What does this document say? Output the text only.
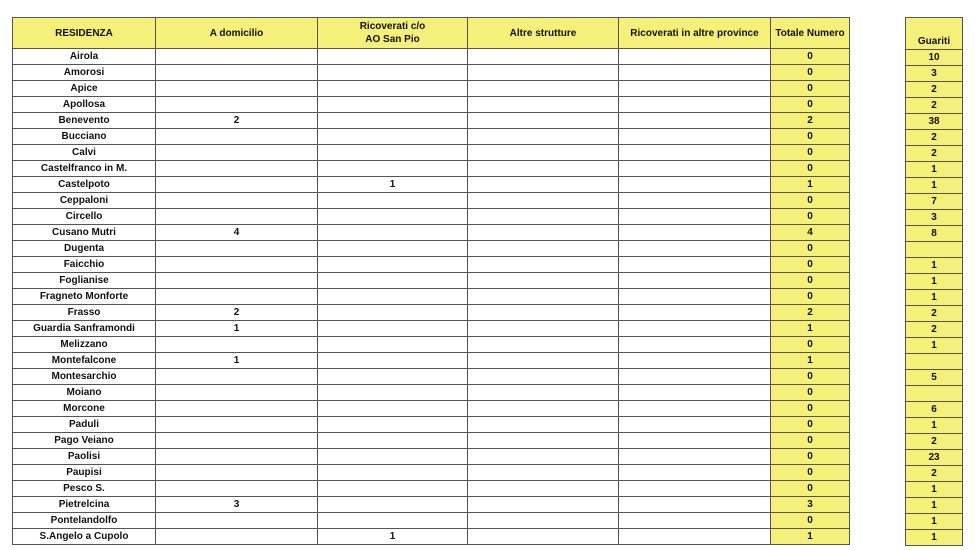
RESIDENZA	A domicilio	Ricoverati c/o
AO San Pio	Altre strutture	Ricoverati in altre province	Totale Numero
Airola					0
Amorosi					0
Apice					0
Apollosa					0
Benevento	2				2
Bucciano					0
Calvi					0
Castelfranco in M.					0
Castelpoto		1			1
Ceppaloni					0
Circello					0
Cusano Mutri	4				4
Dugenta					0
Faicchio					0
Foglianise					0
Fragneto Monforte					0
Frasso	2				2
Guardia Sanframondi	1				1
Melizzano					0
Montefalcone	1				1
Montesarchio					0
Moiano					0
Morcone					0
Paduli					0
Pago Veiano					0
Paolisi					0
Paupisi					0
Pesco S.					0
Pietrelcina	3				3
Pontelandolfo					0
S.Angelo a Cupolo		1			1
Guariti
10
3
2
2
38
2
2
1
1
7
3
8

1
1
1
2
2
1

5

6
1
2
23
2
1
1
1
1
